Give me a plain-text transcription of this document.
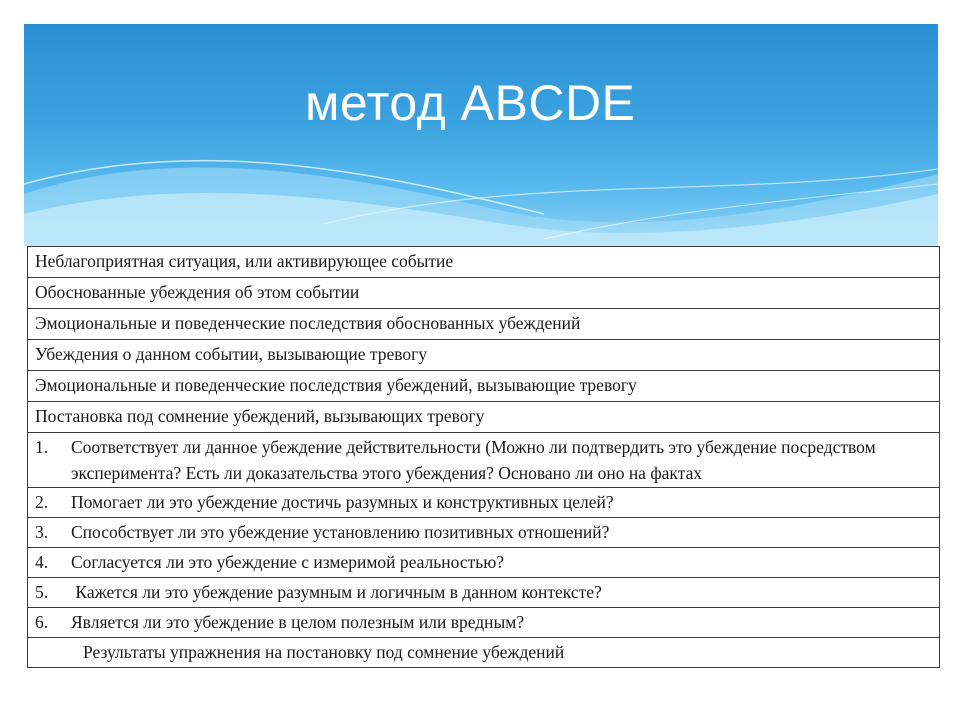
метод ABCDE
Неблагоприятная ситуация, или активирующее событие
Обоснованные убеждения об этом событии
Эмоциональные и поведенческие последствия обоснованных убеждений
Убеждения о данном событии, вызывающие тревогу
Эмоциональные и поведенческие последствия убеждений, вызывающие тревогу
Постановка под сомнение убеждений, вызывающих тревогу

1.	Соответствует ли данное убеждение действительности (Можно ли подтвердить это убеждение посредством эксперимента? Есть ли доказательства этого убеждения? Основано ли оно на фактах

2. Помогает ли это убеждение достичь разумных и конструктивных целей?
3. Способствует ли это убеждение установлению позитивных отношений?
4. Согласуется ли это убеждение с измеримой реальностью?
5. Кажется ли это убеждение разумным и логичным в данном контексте?
6. Является ли это убеждение в целом полезным или вредным?
Результаты упражнения на постановку под сомнение убеждений
